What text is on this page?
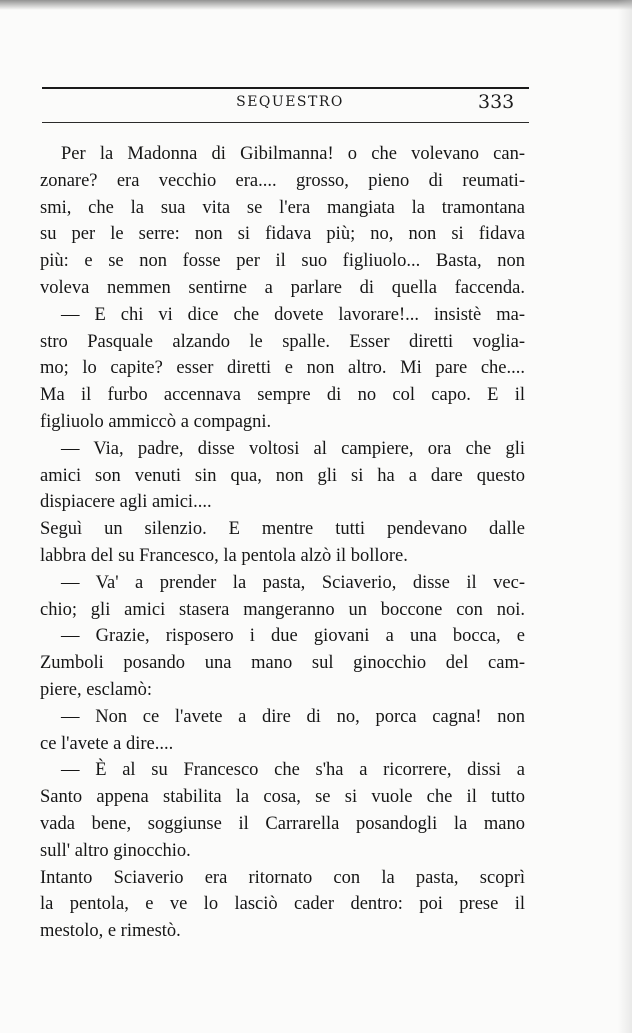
SEQUESTRO	333
Per la Madonna di Gibilmanna! o che volevano can-
zonare? era vecchio era.... grosso, pieno di reumati-
smi, che la sua vita se l'era mangiata la tramontana
su per le serre: non si fidava più; no, non si fidava
più: e se non fosse per il suo figliuolo... Basta, non
voleva nemmen sentirne a parlare di quella faccenda.
— E chi vi dice che dovete lavorare!... insistè ma-
stro Pasquale alzando le spalle. Esser diretti voglia-
mo; lo capite? esser diretti e non altro. Mi pare che....
Ma il furbo accennava sempre di no col capo. E il
figliuolo ammiccò a compagni.
— Via, padre, disse voltosi al campiere, ora che gli
amici son venuti sin qua, non gli si ha a dare questo
dispiacere agli amici....
Seguì un silenzio. E mentre tutti pendevano dalle
labbra del su Francesco, la pentola alzò il bollore.
— Va' a prender la pasta, Sciaverio, disse il vec-
chio; gli amici stasera mangeranno un boccone con noi.
— Grazie, risposero i due giovani a una bocca, e
Zumboli posando una mano sul ginocchio del cam-
piere, esclamò:
— Non ce l'avete a dire di no, porca cagna! non
ce l'avete a dire....
— È al su Francesco che s'ha a ricorrere, dissi a
Santo appena stabilita la cosa, se si vuole che il tutto
vada bene, soggiunse il Carrarella posandogli la mano
sull' altro ginocchio.
Intanto Sciaverio era ritornato con la pasta, scoprì
la pentola, e ve lo lasciò cader dentro: poi prese il
mestolo, e rimestò.
